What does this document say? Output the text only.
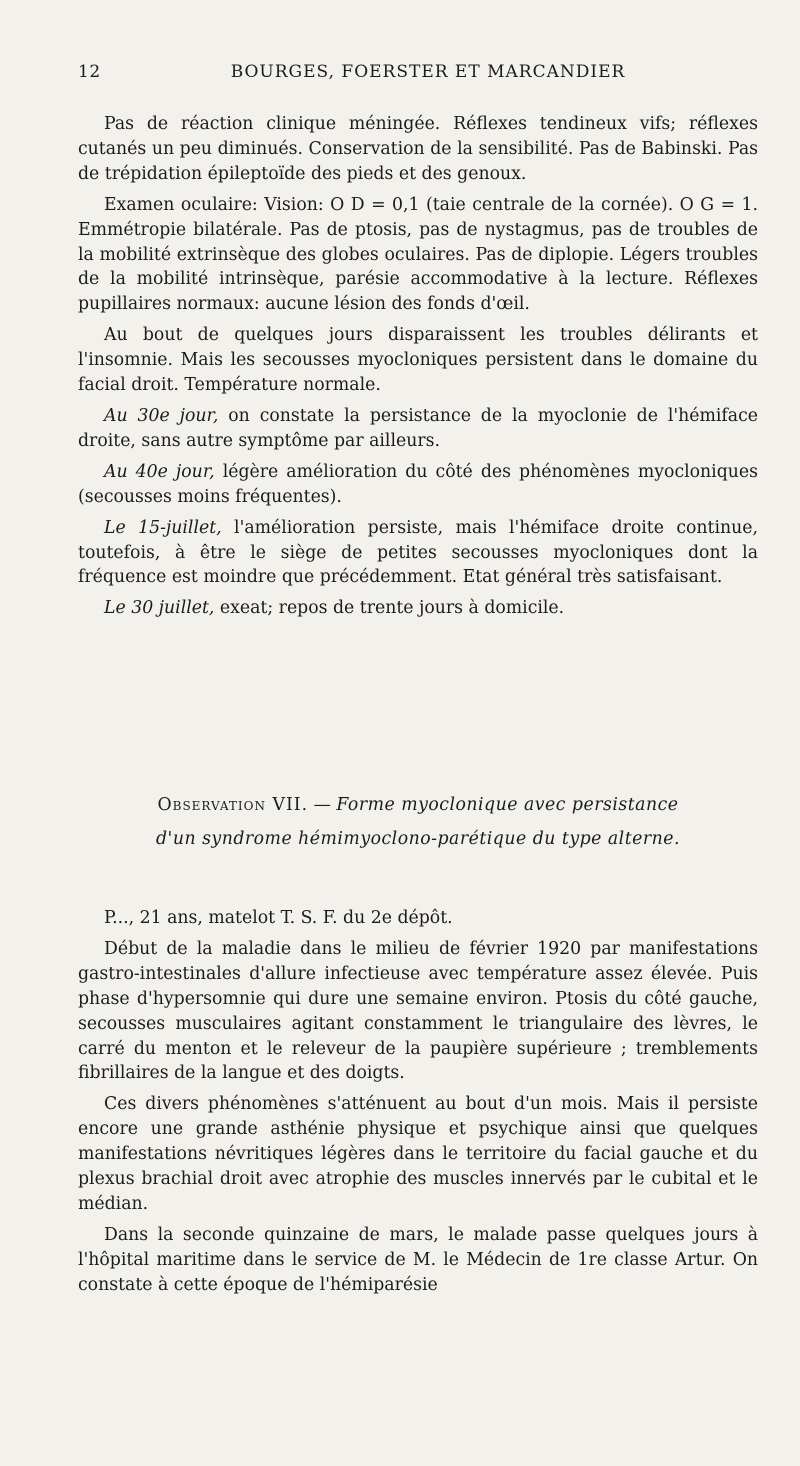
12	BOURGES, FOERSTER ET MARCANDIER

Pas de réaction clinique méningée. Réflexes tendineux vifs; réflexes cutanés un peu diminués. Conservation de la sensibilité. Pas de Babinski. Pas de trépidation épileptoïde des pieds et des genoux.

Examen oculaire: Vision: O D = 0,1 (taie centrale de la cornée). O G = 1. Emmétropie bilatérale. Pas de ptosis, pas de nystagmus, pas de troubles de la mobilité extrinsèque des globes oculaires. Pas de diplopie. Légers troubles de la mobilité intrinsèque, parésie accommodative à la lecture. Réflexes pupillaires normaux: aucune lésion des fonds d'œil.

Au bout de quelques jours disparaissent les troubles délirants et l'insomnie. Mais les secousses myocloniques persistent dans le domaine du facial droit. Température normale.

Au 30e jour, on constate la persistance de la myoclonie de l'hémiface droite, sans autre symptôme par ailleurs.

Au 40e jour, légère amélioration du côté des phénomènes myocloniques (secousses moins fréquentes).

Le 15-juillet, l'amélioration persiste, mais l'hémiface droite continue, toutefois, à être le siège de petites secousses myocloniques dont la fréquence est moindre que précédemment. Etat général très satisfaisant.

Le 30 juillet, exeat; repos de trente jours à domicile.

Observation VII. — Forme myoclonique avec persistance

d'un syndrome hémimyoclono-parétique du type alterne.

P..., 21 ans, matelot T. S. F. du 2e dépôt.

Début de la maladie dans le milieu de février 1920 par manifestations gastro-intestinales d'allure infectieuse avec température assez élevée. Puis phase d'hypersomnie qui dure une semaine environ. Ptosis du côté gauche, secousses musculaires agitant constamment le triangulaire des lèvres, le carré du menton et le releveur de la paupière supérieure ; tremblements fibrillaires de la langue et des doigts.

Ces divers phénomènes s'atténuent au bout d'un mois. Mais il persiste encore une grande asthénie physique et psychique ainsi que quelques manifestations névritiques légères dans le territoire du facial gauche et du plexus brachial droit avec atrophie des muscles innervés par le cubital et le médian.

Dans la seconde quinzaine de mars, le malade passe quelques jours à l'hôpital maritime dans le service de M. le Médecin de 1re classe Artur. On constate à cette époque de l'hémiparésie
